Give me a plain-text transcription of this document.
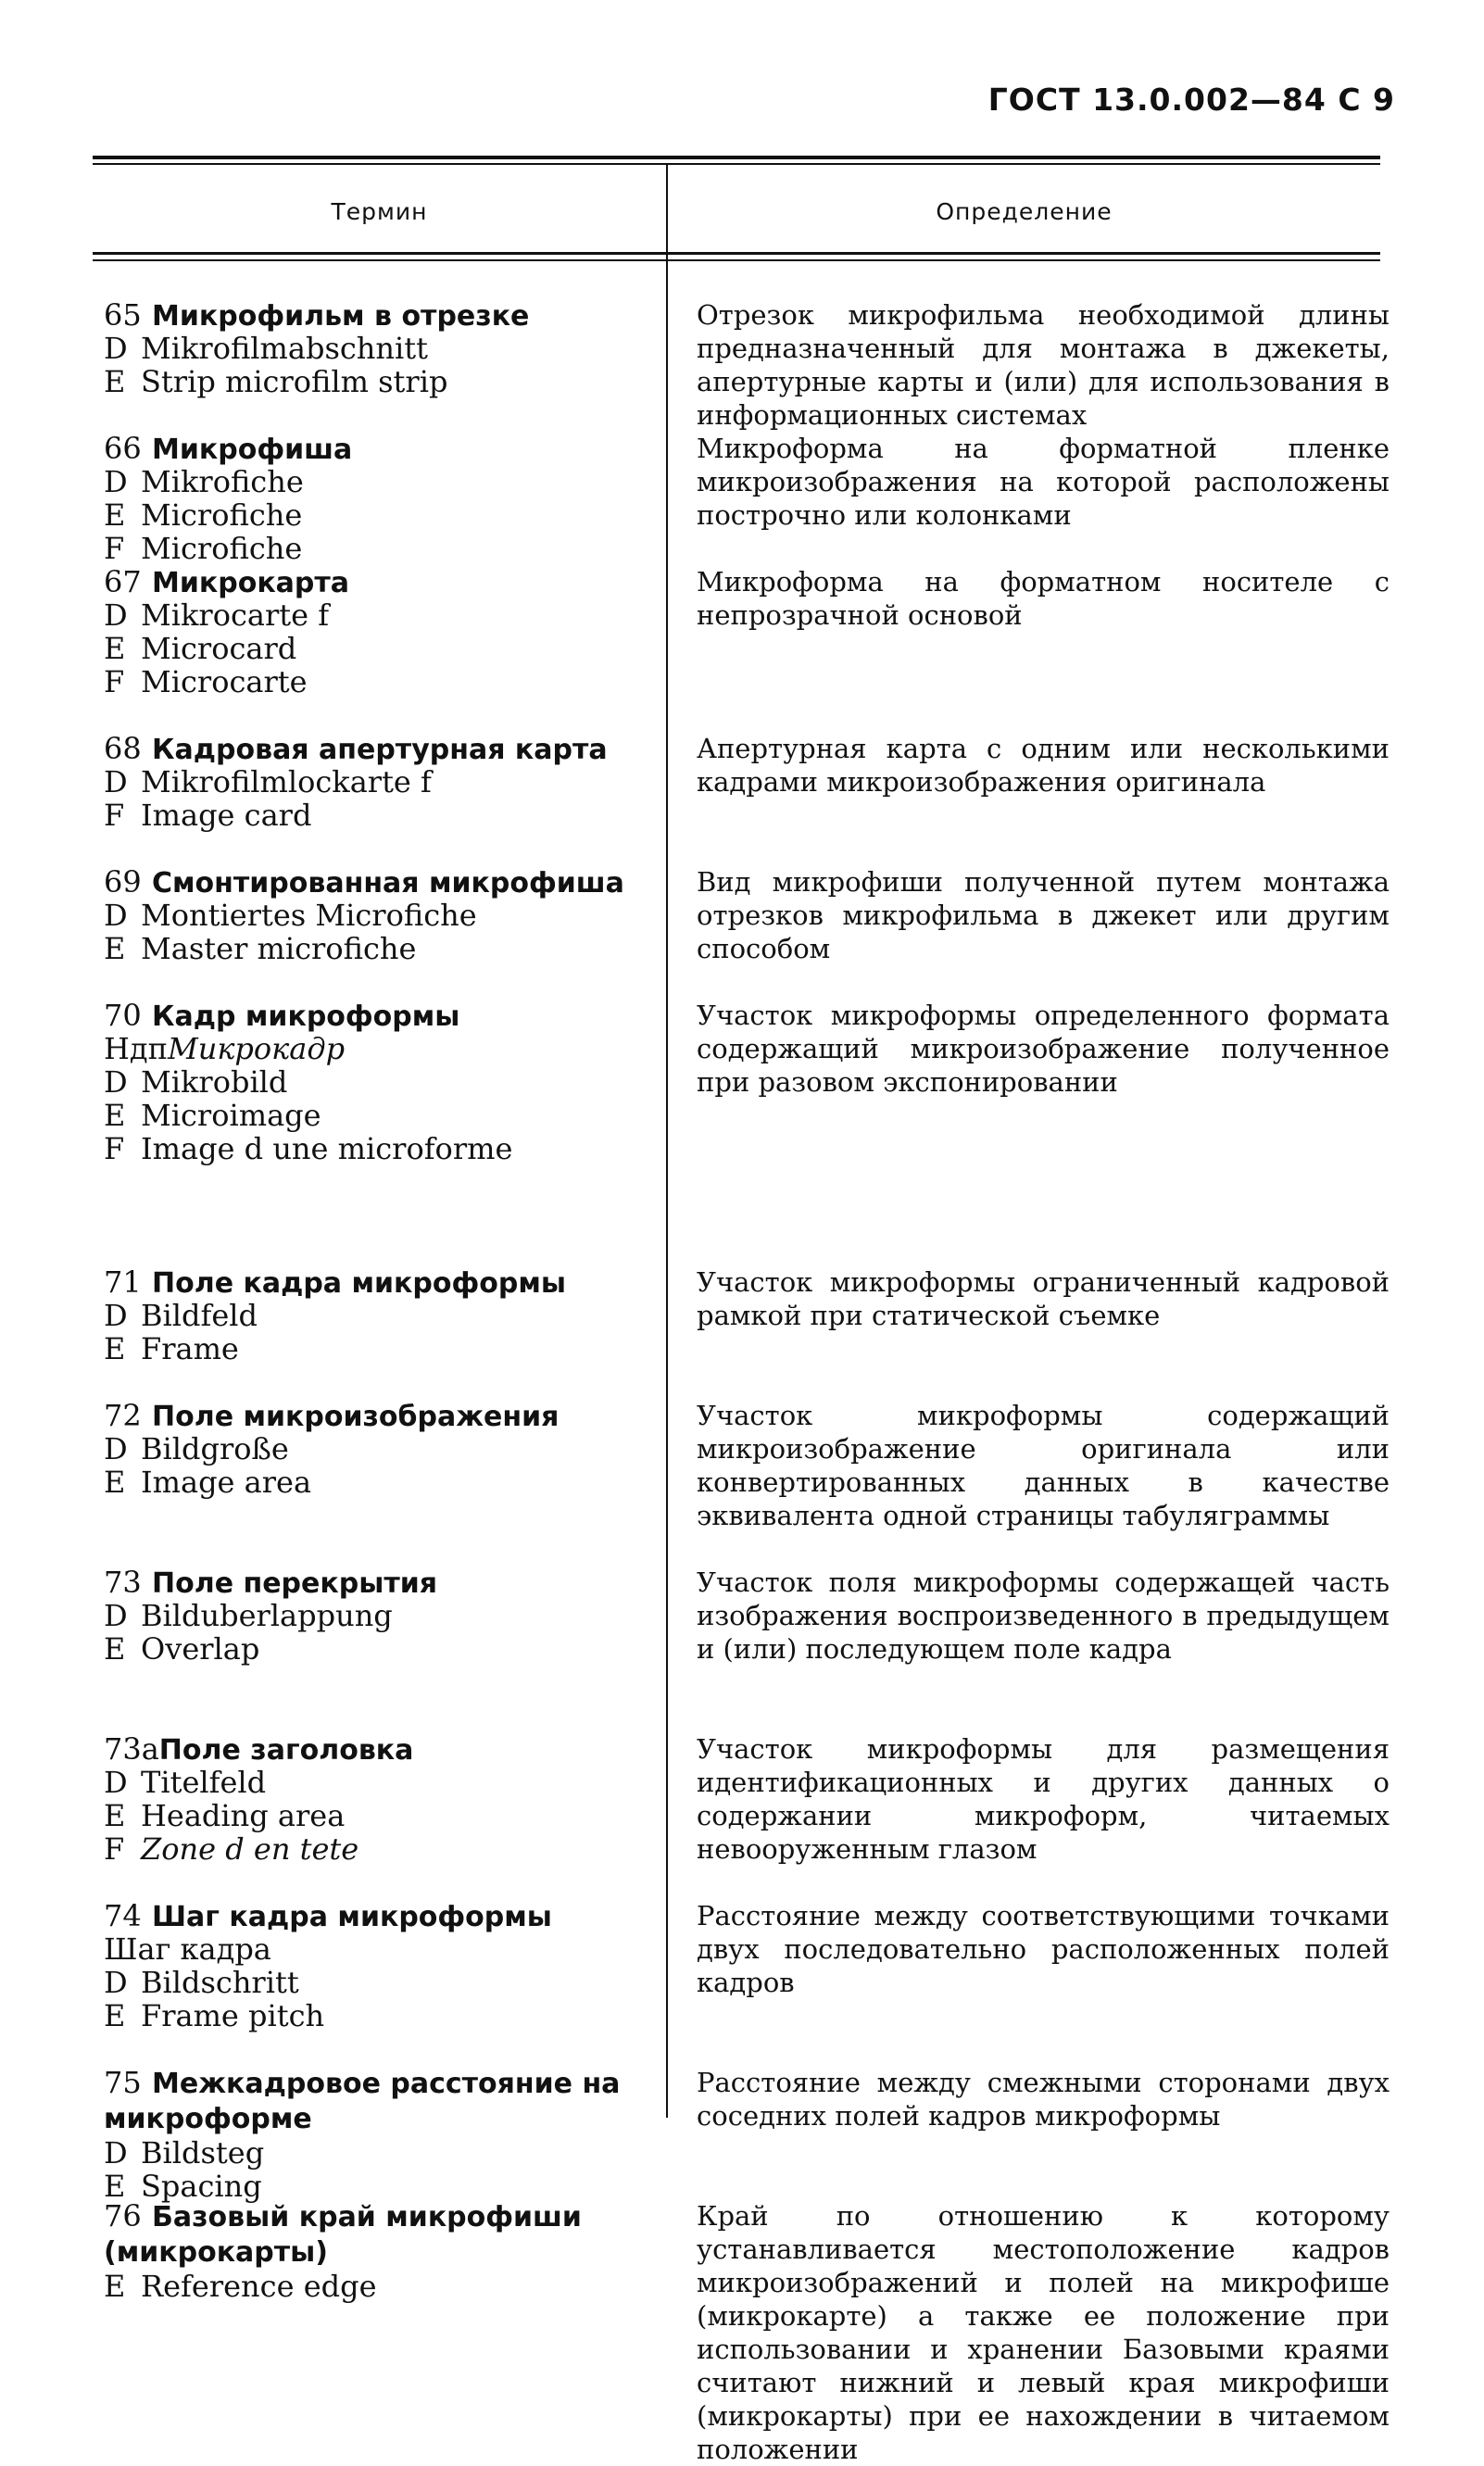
ГОСТ 13.0.002—84 С 9
Термин	Определение
65 Микрофильм в отрезке
D Mikrofilmabschnitt
E Strip microfilm strip
66 Микрофиша
D Mikrofiche
E Microfiche
F Microfiche
67 Микрокарта
D Mikrocarte f
E Microcard
F Microcarte
68 Кадровая апертурная карта
D Mikrofilmlockarte f
F Image card
69 Смонтированная микрофиша
D Montiertes Microfiche
E Master microfiche
70 Кадр микроформы
НдпМикрокадр
D Mikrobild
E Microimage
F Image d une microforme
71 Поле кадра микроформы
D Bildfeld
E Frame
72 Поле микроизображения
D Bildgroße
E Image area
73 Поле перекрытия
D Bilduberlappung
E Overlap
73аПоле заголовка
D Titelfeld
E Heading area
F Zone d en tete
74 Шаг кадра микроформы
Шаг кадра
D Bildschritt
E Frame pitch
75 Межкадровое расстояние на микроформе
D Bildsteg
E Spacing
76 Базовый край микрофиши (микрокарты)
E Reference edge
Отрезок микрофильма необходимой длины предназначенный для монтажа в джекеты, апертурные карты и (или) для использования в информационных системах
Микроформа на форматной пленке микроизображения на которой расположены построчно или колонками
Микроформа на форматном носителе с непрозрачной основой
Апертурная карта с одним или несколькими кадрами микроизображения оригинала
Вид микрофиши полученной путем монтажа отрезков микрофильма в джекет или другим способом
Участок микроформы определенного формата содержащий микроизображение полученное при разовом экспонировании
Участок микроформы ограниченный кадровой рамкой при статической съемке
Участок микроформы содержащий микроизображение оригинала или конвертированных данных в качестве эквивалента одной страницы табуляграммы
Участок поля микроформы содержащей часть изображения воспроизведенного в предыдущем и (или) последующем поле кадра
Участок микроформы для размещения идентификационных и других данных о содержании микроформ, читаемых невооруженным глазом
Расстояние между соответствующими точками двух последовательно расположенных полей кадров
Расстояние между смежными сторонами двух соседних полей кадров микроформы
Край по отношению к которому устанавливается местоположение кадров микроизображений и полей на микрофише (микрокарте) а также ее положение при использовании и хранении Базовыми краями считают нижний и левый края микрофиши (микрокарты) при ее нахождении в читаемом положении
